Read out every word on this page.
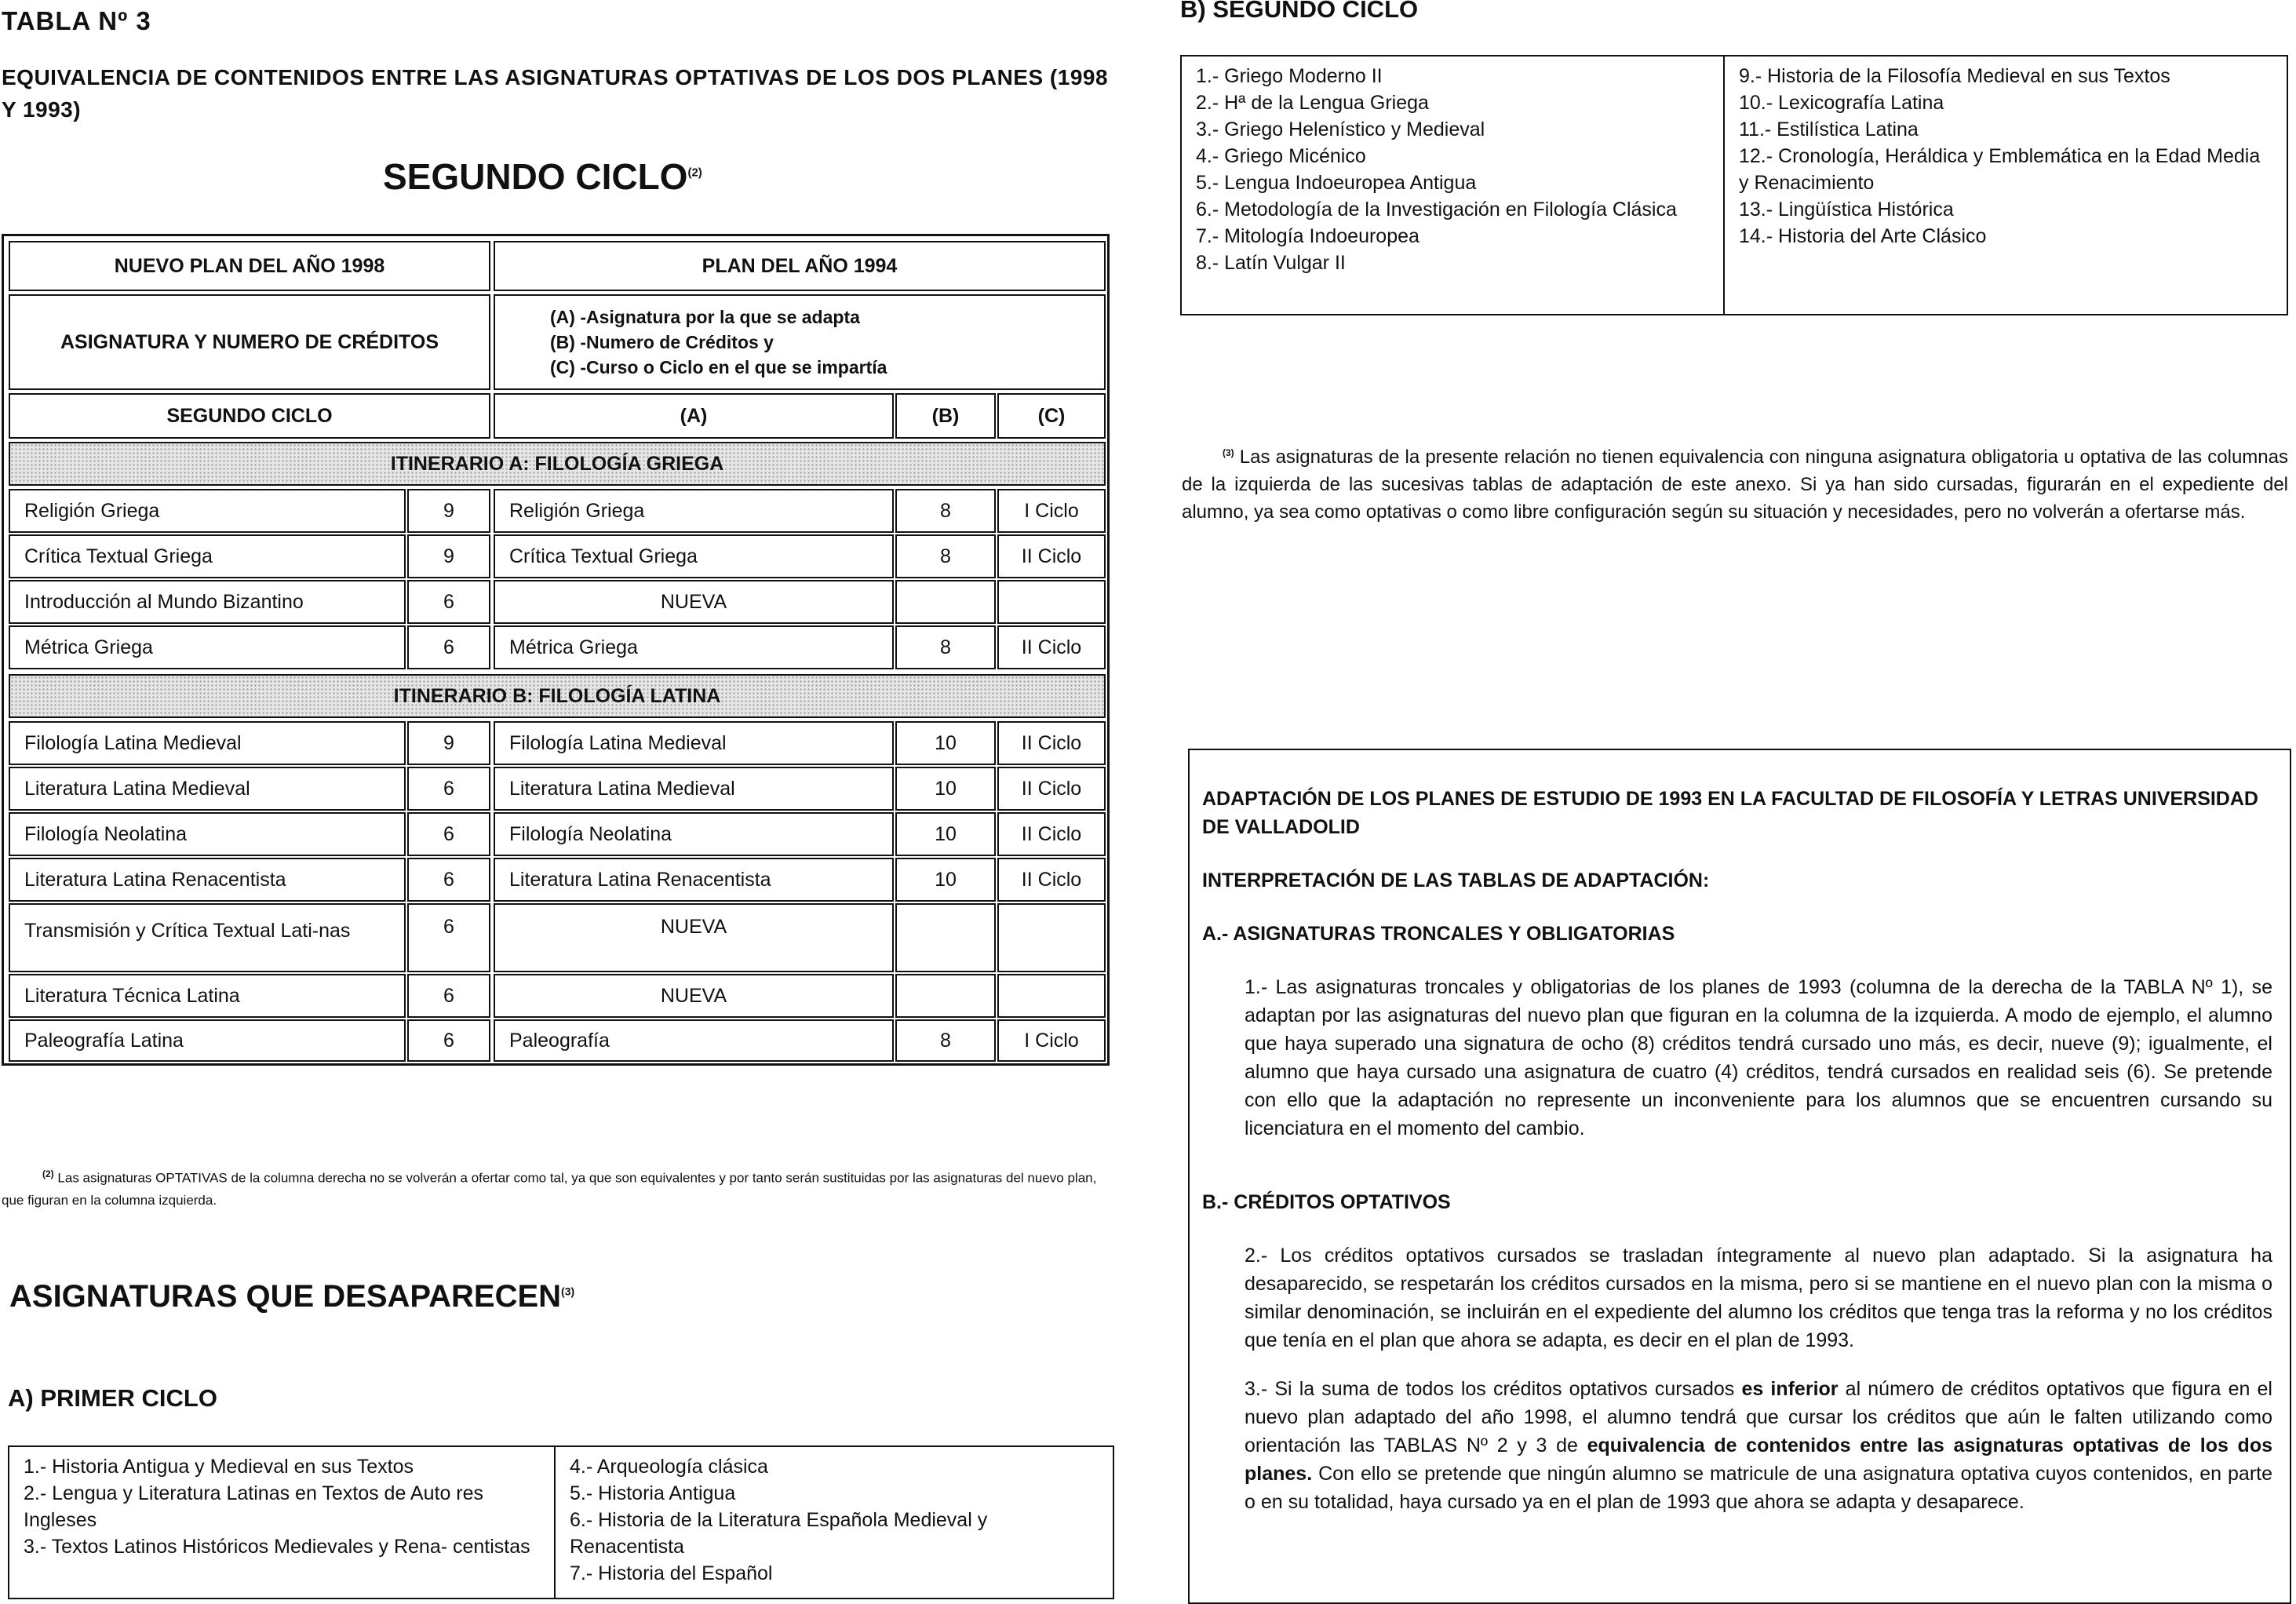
TABLA Nº 3
EQUIVALENCIA DE CONTENIDOS ENTRE LAS ASIGNATURAS OPTATIVAS DE LOS DOS PLANES (1998 Y 1993)
SEGUNDO CICLO$^{(2)}$
NUEVO PLAN DEL AÑO 1998	PLAN DEL AÑO 1994
ASIGNATURA Y NUMERO DE CRÉDITOS
(A) -Asignatura por la que se adapta
(B) -Numero de Créditos y
(C) -Curso o Ciclo en el que se impartía
SEGUNDO CICLO	(A)	(B)	(C)
ITINERARIO A: FILOLOGÍA GRIEGA
Religión Griega	9	Religión Griega	8	I Ciclo
Crítica Textual Griega	9	Crítica Textual Griega	8	II Ciclo
Introducción al Mundo Bizantino	6	NUEVA
Métrica Griega	6	Métrica Griega	8	II Ciclo
ITINERARIO B: FILOLOGÍA LATINA
Filología Latina Medieval	9	Filología Latina Medieval	10	II Ciclo
Literatura Latina Medieval	6	Literatura Latina Medieval	10	II Ciclo
Filología Neolatina	6	Filología Neolatina	10	II Ciclo
Literatura Latina Renacentista	6	Literatura Latina Renacentista	10	II Ciclo
Transmisión y Crítica Textual Lati-nas	6	NUEVA
Literatura Técnica Latina	6	NUEVA
Paleografía Latina	6	Paleografía	8	I Ciclo
$^{(2)}$ Las asignaturas OPTATIVAS de la columna derecha no se volverán a ofertar como tal, ya que son equivalentes y por tanto serán sustituidas por las asignaturas del nuevo plan, que figuran en la columna izquierda.
ASIGNATURAS QUE DESAPARECEN$^{(3)}$
A) PRIMER CICLO
1.- Historia Antigua y Medieval en sus Textos
2.- Lengua y Literatura Latinas en Textos de Auto res Ingleses
3.- Textos Latinos Históricos Medievales y Rena- centistas
4.- Arqueología clásica
5.- Historia Antigua
6.- Historia de la Literatura Española Medieval y Renacentista
7.- Historia del Español
B) SEGUNDO CICLO
1.- Griego Moderno II
2.- Hª de la Lengua Griega
3.- Griego Helenístico y Medieval
4.- Griego Micénico
5.- Lengua Indoeuropea Antigua
6.- Metodología de la Investigación en Filología Clásica
7.- Mitología Indoeuropea
8.- Latín Vulgar II
9.- Historia de la Filosofía Medieval en sus Textos
10.- Lexicografía Latina
11.- Estilística Latina
12.- Cronología, Heráldica y Emblemática en la Edad Media y Renacimiento
13.- Lingüística Histórica
14.- Historia del Arte Clásico
$^{(3)}$ Las asignaturas de la presente relación no tienen equivalencia con ninguna asignatura obligatoria u optativa de las columnas de la izquierda de las sucesivas tablas de adaptación de este anexo. Si ya han sido cursadas, figurarán en el expediente del alumno, ya sea como optativas o como libre configuración según su situación y necesidades, pero no volverán a ofertarse más.
ADAPTACIÓN DE LOS PLANES DE ESTUDIO DE 1993 EN LA FACULTAD DE FILOSOFÍA Y LETRAS UNIVERSIDAD DE VALLADOLID
INTERPRETACIÓN DE LAS TABLAS DE ADAPTACIÓN:
A.- ASIGNATURAS TRONCALES Y OBLIGATORIAS
1.- Las asignaturas troncales y obligatorias de los planes de 1993 (columna de la derecha de la TABLA Nº 1), se adaptan por las asignaturas del nuevo plan que figuran en la columna de la izquierda. A modo de ejemplo, el alumno que haya superado una signatura de ocho (8) créditos tendrá cursado uno más, es decir, nueve (9); igualmente, el alumno que haya cursado una asignatura de cuatro (4) créditos, tendrá cursados en realidad seis (6). Se pretende con ello que la adaptación no represente un inconveniente para los alumnos que se encuentren cursando su licenciatura en el momento del cambio.
B.- CRÉDITOS OPTATIVOS
2.- Los créditos optativos cursados se trasladan íntegramente al nuevo plan adaptado. Si la asignatura ha desaparecido, se respetarán los créditos cursados en la misma, pero si se mantiene en el nuevo plan con la misma o similar denominación, se incluirán en el expediente del alumno los créditos que tenga tras la reforma y no los créditos que tenía en el plan que ahora se adapta, es decir en el plan de 1993.
3.- Si la suma de todos los créditos optativos cursados es inferior al número de créditos optativos que figura en el nuevo plan adaptado del año 1998, el alumno tendrá que cursar los créditos que aún le falten utilizando como orientación las TABLAS Nº 2 y 3 de equivalencia de contenidos entre las asignaturas optativas de los dos planes. Con ello se pretende que ningún alumno se matricule de una asignatura optativa cuyos contenidos, en parte o en su totalidad, haya cursado ya en el plan de 1993 que ahora se adapta y desaparece.
